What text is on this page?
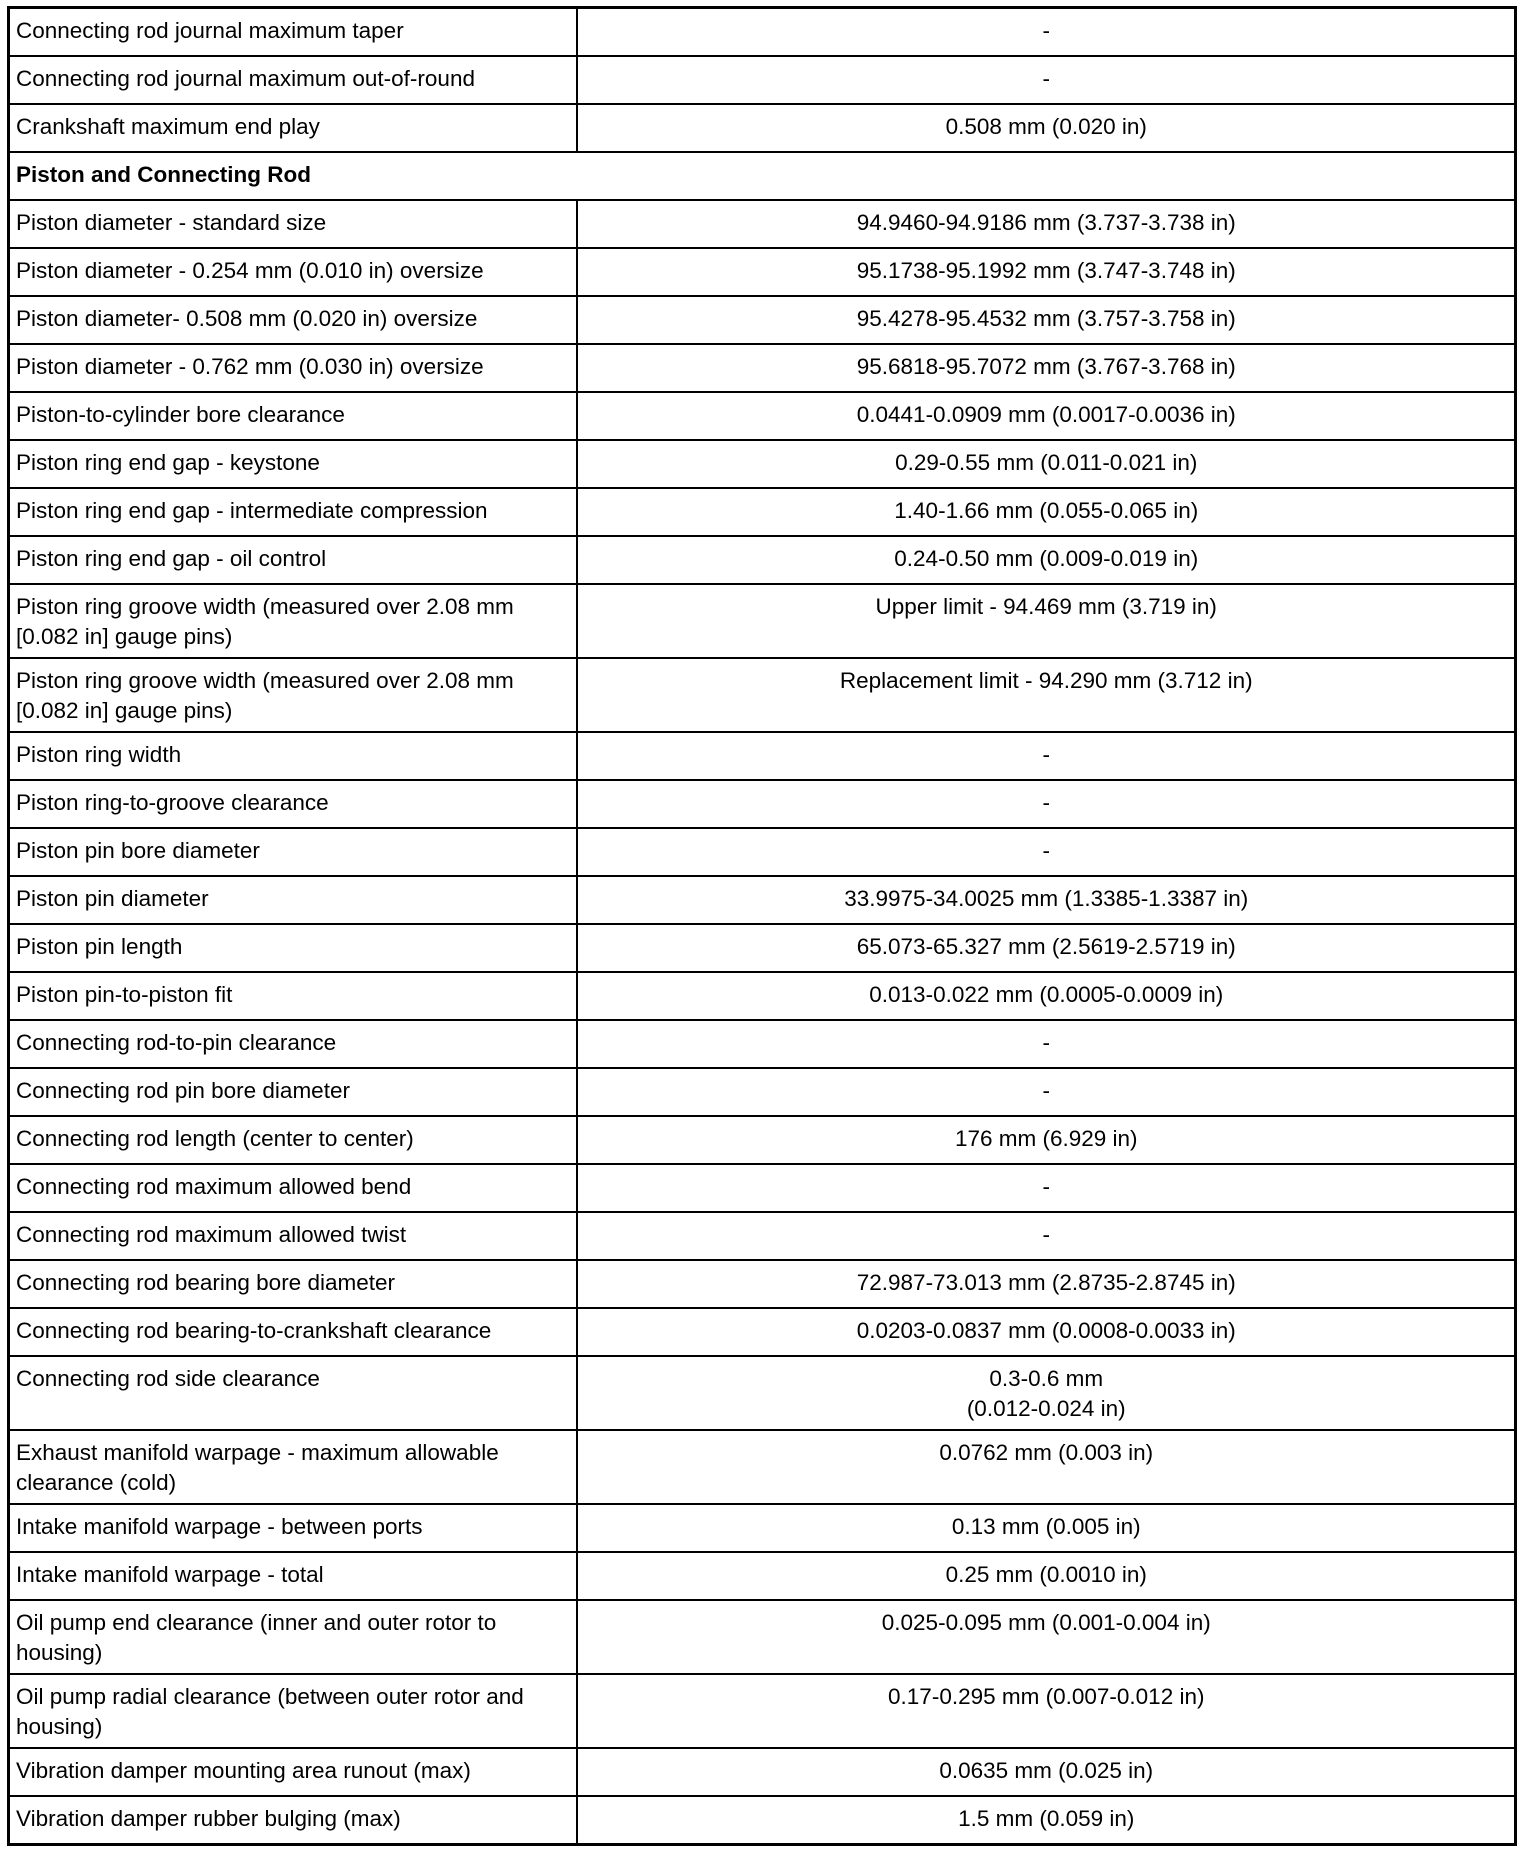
Connecting rod journal maximum taper	-
Connecting rod journal maximum out-of-round	-
Crankshaft maximum end play	0.508 mm (0.020 in)
Piston and Connecting Rod	
Piston diameter - standard size	94.9460-94.9186 mm (3.737-3.738 in)
Piston diameter - 0.254 mm (0.010 in) oversize	95.1738-95.1992 mm (3.747-3.748 in)
Piston diameter- 0.508 mm (0.020 in) oversize	95.4278-95.4532 mm (3.757-3.758 in)
Piston diameter - 0.762 mm (0.030 in) oversize	95.6818-95.7072 mm (3.767-3.768 in)
Piston-to-cylinder bore clearance	0.0441-0.0909 mm (0.0017-0.0036 in)
Piston ring end gap - keystone	0.29-0.55 mm (0.011-0.021 in)
Piston ring end gap - intermediate compression	1.40-1.66 mm (0.055-0.065 in)
Piston ring end gap - oil control	0.24-0.50 mm (0.009-0.019 in)
Piston ring groove width (measured over 2.08 mm [0.082 in] gauge pins)	Upper limit - 94.469 mm (3.719 in)
Piston ring groove width (measured over 2.08 mm [0.082 in] gauge pins)	Replacement limit - 94.290 mm (3.712 in)
Piston ring width	-
Piston ring-to-groove clearance	-
Piston pin bore diameter	-
Piston pin diameter	33.9975-34.0025 mm (1.3385-1.3387 in)
Piston pin length	65.073-65.327 mm (2.5619-2.5719 in)
Piston pin-to-piston fit	0.013-0.022 mm (0.0005-0.0009 in)
Connecting rod-to-pin clearance	-
Connecting rod pin bore diameter	-
Connecting rod length (center to center)	176 mm (6.929 in)
Connecting rod maximum allowed bend	-
Connecting rod maximum allowed twist	-
Connecting rod bearing bore diameter	72.987-73.013 mm (2.8735-2.8745 in)
Connecting rod bearing-to-crankshaft clearance	0.0203-0.0837 mm (0.0008-0.0033 in)
Connecting rod side clearance	0.3-0.6 mm
(0.012-0.024 in)

Exhaust manifold warpage - maximum allowable clearance (cold)	0.0762 mm (0.003 in)
Intake manifold warpage - between ports	0.13 mm (0.005 in)
Intake manifold warpage - total	0.25 mm (0.0010 in)
Oil pump end clearance (inner and outer rotor to housing)	0.025-0.095 mm (0.001-0.004 in)
Oil pump radial clearance (between outer rotor and housing)	0.17-0.295 mm (0.007-0.012 in)
Vibration damper mounting area runout (max)	0.0635 mm (0.025 in)
Vibration damper rubber bulging (max)	1.5 mm (0.059 in)
